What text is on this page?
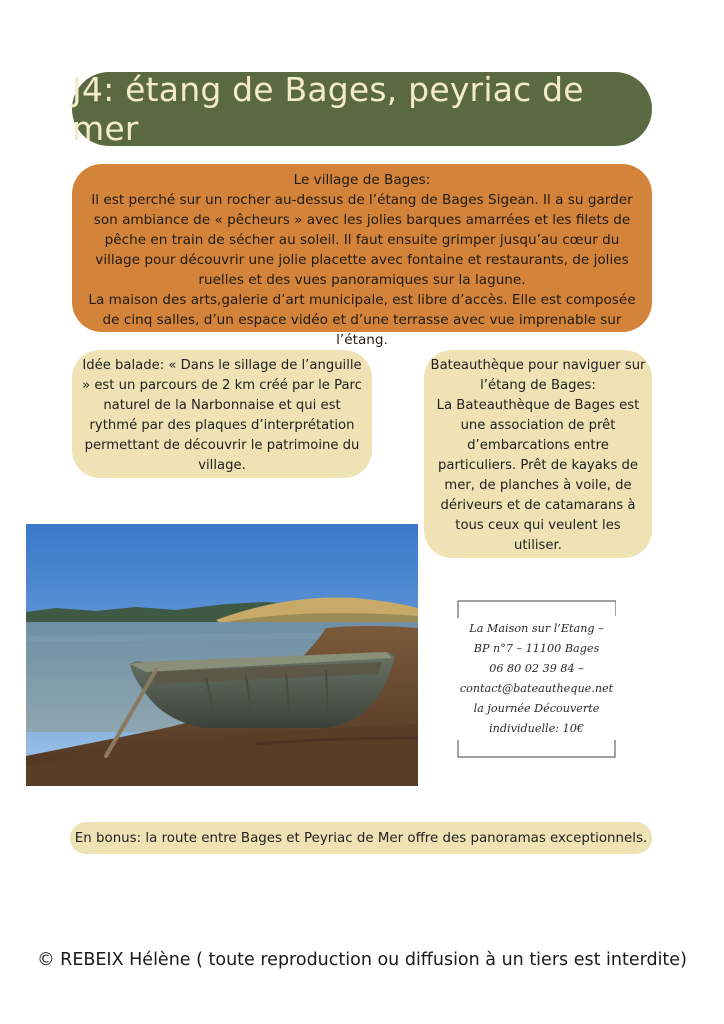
J4: étang de Bages, peyriac de mer

Le village de Bages:

Il est perché sur un rocher au-dessus de l’étang de Bages Sigean. Il a su garder son ambiance de « pêcheurs » avec les jolies barques amarrées et les filets de pêche en train de sécher au soleil. Il faut ensuite grimper jusqu’au cœur du village pour découvrir une jolie placette avec fontaine et restaurants, de jolies ruelles et des vues panoramiques sur la lagune.

La maison des arts,galerie d’art municipale, est libre d’accès. Elle est composée de cinq salles, d’un espace vidéo et d’une terrasse avec vue imprenable sur l’étang.

Idée balade: « Dans le sillage de l’anguille » est un parcours de 2 km créé par le Parc naturel de la Narbonnaise et qui est rythmé par des plaques d’interprétation permettant de découvrir le patrimoine du village.

Bateauthèque pour naviguer sur l’étang de Bages:

La Bateauthèque de Bages est une association de prêt d’embarcations entre particuliers. Prêt de kayaks de mer, de planches à voile, de dériveurs et de catamarans à tous ceux qui veulent les utiliser.

La Maison sur l’Etang –
BP n°7 – 11100 Bages
06 80 02 39 84 –
contact@bateautheque.net
la journée Découverte
individuelle: 10€
En bonus: la route entre Bages et Peyriac de Mer offre des panoramas exceptionnels.
© REBEIX Hélène ( toute reproduction ou diffusion à un tiers est interdite)
